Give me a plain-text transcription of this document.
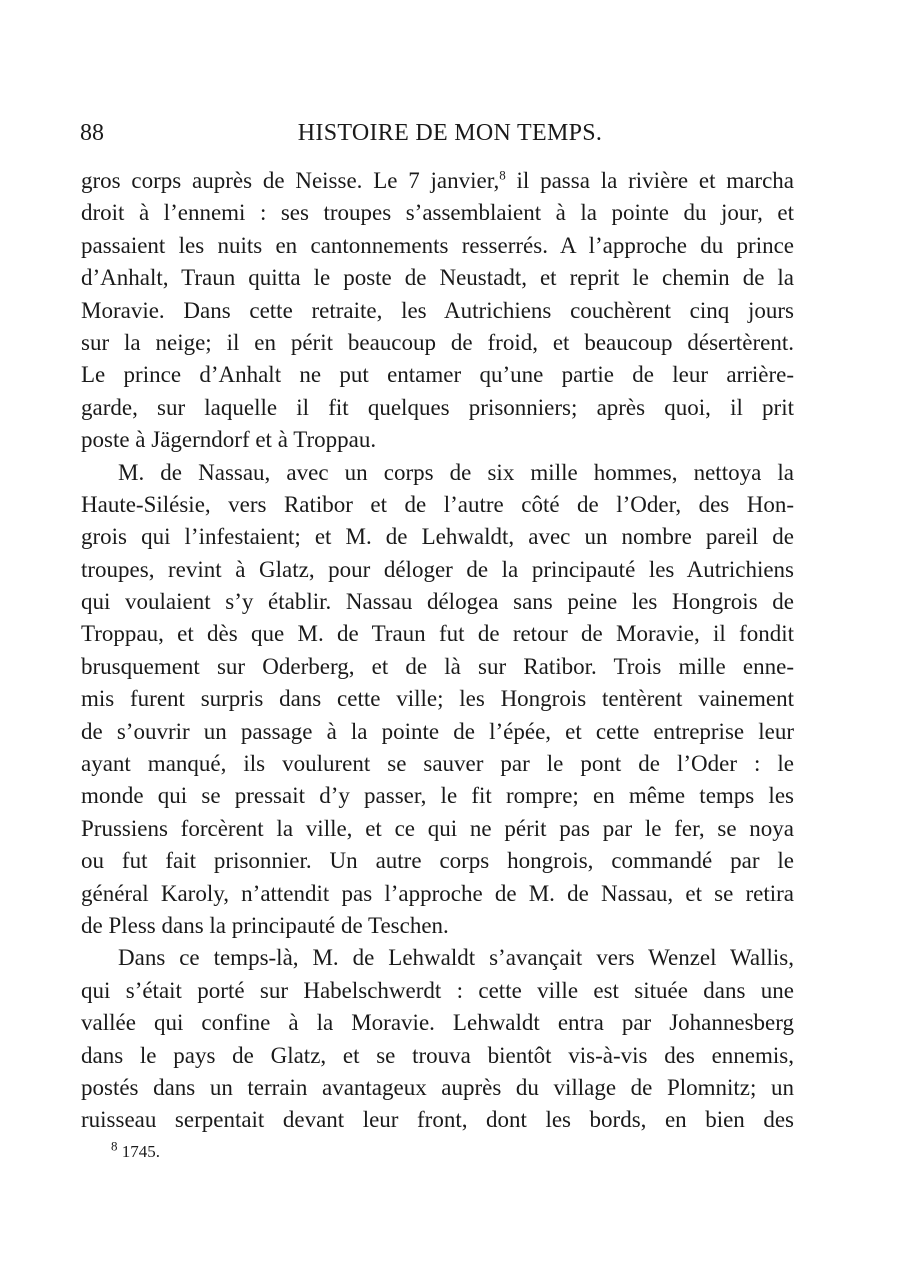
88	HISTOIRE DE MON TEMPS.
gros corps auprès de Neisse. Le 7 janvier,$^8$ il passa la rivière et marcha
droit à l’ennemi : ses troupes s’assemblaient à la pointe du jour, et
passaient les nuits en cantonnements resserrés. A l’approche du prince
d’Anhalt, Traun quitta le poste de Neustadt, et reprit le chemin de la
Moravie. Dans cette retraite, les Autrichiens couchèrent cinq jours
sur la neige; il en périt beaucoup de froid, et beaucoup désertèrent.
Le prince d’Anhalt ne put entamer qu’une partie de leur arrière-
garde, sur laquelle il fit quelques prisonniers; après quoi, il prit
poste à Jägerndorf et à Troppau.
M. de Nassau, avec un corps de six mille hommes, nettoya la
Haute-Silésie, vers Ratibor et de l’autre côté de l’Oder, des Hon-
grois qui l’infestaient; et M. de Lehwaldt, avec un nombre pareil de
troupes, revint à Glatz, pour déloger de la principauté les Autrichiens
qui voulaient s’y établir. Nassau délogea sans peine les Hongrois de
Troppau, et dès que M. de Traun fut de retour de Moravie, il fondit
brusquement sur Oderberg, et de là sur Ratibor. Trois mille enne-
mis furent surpris dans cette ville; les Hongrois tentèrent vainement
de s’ouvrir un passage à la pointe de l’épée, et cette entreprise leur
ayant manqué, ils voulurent se sauver par le pont de l’Oder : le
monde qui se pressait d’y passer, le fit rompre; en même temps les
Prussiens forcèrent la ville, et ce qui ne périt pas par le fer, se noya
ou fut fait prisonnier. Un autre corps hongrois, commandé par le
général Karoly, n’attendit pas l’approche de M. de Nassau, et se retira
de Pless dans la principauté de Teschen.
Dans ce temps-là, M. de Lehwaldt s’avançait vers Wenzel Wallis,
qui s’était porté sur Habelschwerdt : cette ville est située dans une
vallée qui confine à la Moravie. Lehwaldt entra par Johannesberg
dans le pays de Glatz, et se trouva bientôt vis-à-vis des ennemis,
postés dans un terrain avantageux auprès du village de Plomnitz; un
ruisseau serpentait devant leur front, dont les bords, en bien des
$^8$ 1745.
